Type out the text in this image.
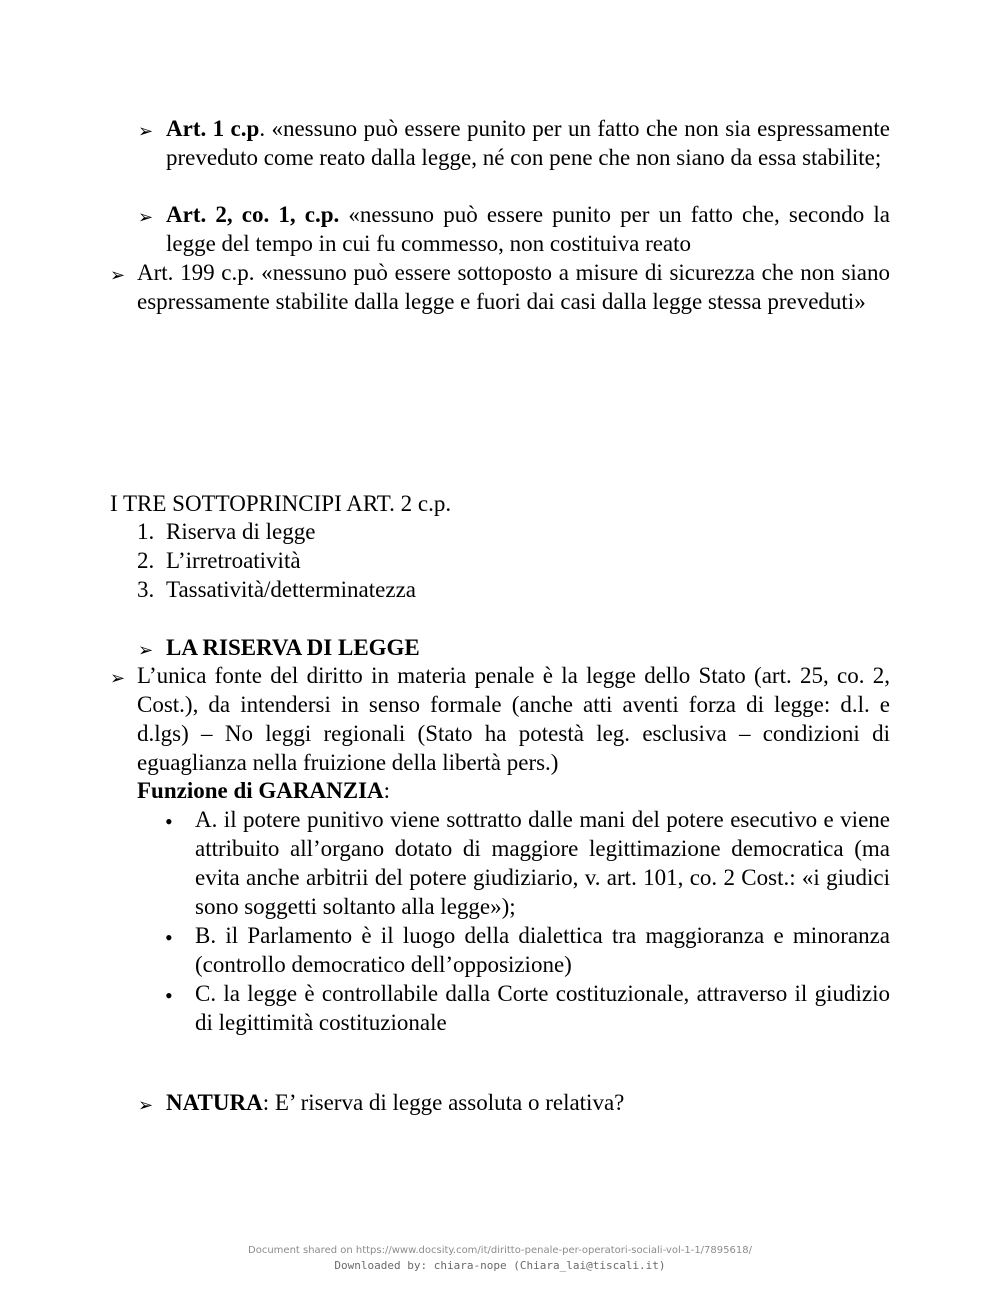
➢ Art. 1 c.p. «nessuno può essere punito per un fatto che non sia espressamente preveduto come reato dalla legge, né con pene che non siano da essa stabilite;
➢ Art. 2, co. 1, c.p. «nessuno può essere punito per un fatto che, secondo la legge del tempo in cui fu commesso, non costituiva reato
➢ Art. 199 c.p. «nessuno può essere sottoposto a misure di sicurezza che non siano espressamente stabilite dalla legge e fuori dai casi dalla legge stessa preveduti»
I TRE SOTTOPRINCIPI ART. 2 c.p.
1. Riserva di legge
2. L’irretroatività
3. Tassatività/detterminatezza
➢ LA RISERVA DI LEGGE
➢ L’unica fonte del diritto in materia penale è la legge dello Stato (art. 25, co. 2, Cost.), da intendersi in senso formale (anche atti aventi forza di legge: d.l. e d.lgs) – No leggi regionali (Stato ha potestà leg. esclusiva – condizioni di eguaglianza nella fruizione della libertà pers.)
Funzione di GARANZIA:
• A. il potere punitivo viene sottratto dalle mani del potere esecutivo e viene attribuito all’organo dotato di maggiore legittimazione democratica (ma evita anche arbitrii del potere giudiziario, v. art. 101, co. 2 Cost.: «i giudici sono soggetti soltanto alla legge»);
• B. il Parlamento è il luogo della dialettica tra maggioranza e minoranza (controllo democratico dell’opposizione)
• C. la legge è controllabile dalla Corte costituzionale, attraverso il giudizio di legittimità costituzionale
➢ NATURA: E’ riserva di legge assoluta o relativa?
Document shared on https://www.docsity.com/it/diritto-penale-per-operatori-sociali-vol-1-1/7895618/
Downloaded by: chiara-nope (Chiara_lai@tiscali.it)
